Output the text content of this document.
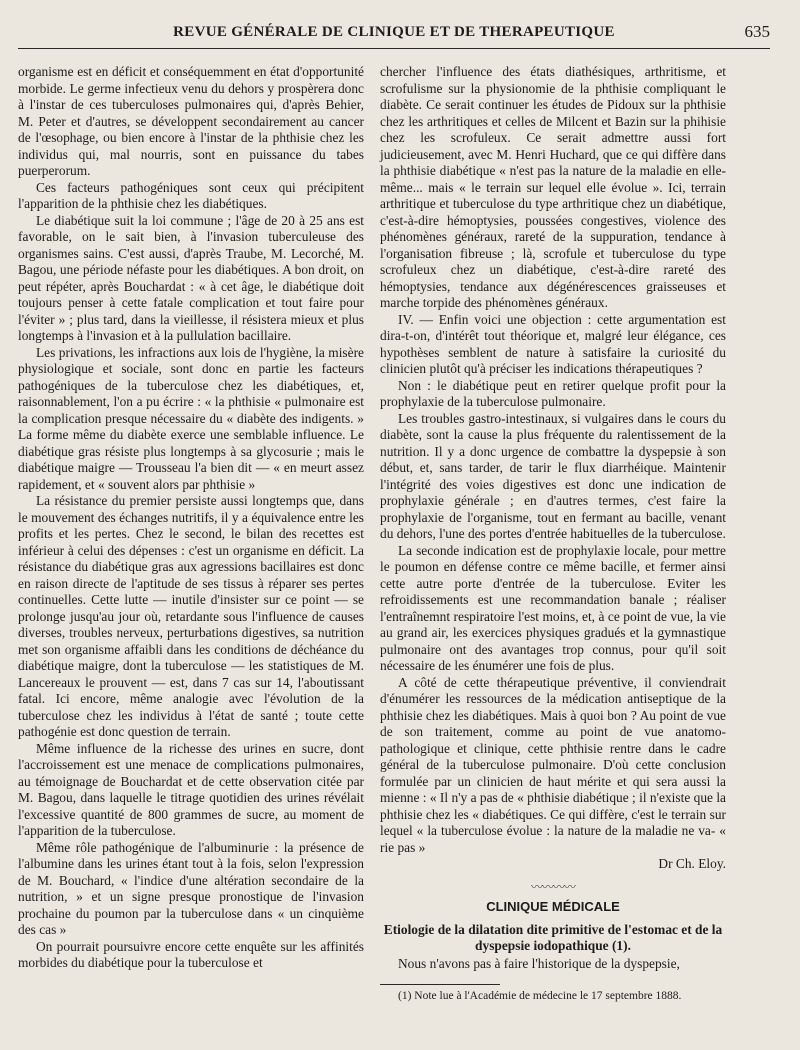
REVUE GÉNÉRALE DE CLINIQUE ET DE THERAPEUTIQUE	635

organisme est en déficit et conséquemment en état d'opportunité morbide. Le germe infectieux venu du dehors y prospèrera donc à l'instar de ces tuberculoses pulmonaires qui, d'après Behier, M. Peter et d'autres, se développent secondairement au cancer de l'œsophage, ou bien encore à l'instar de la phthisie chez les individus qui, mal nourris, sont en puissance du tabes puerperorum.

Ces facteurs pathogéniques sont ceux qui précipitent l'apparition de la phthisie chez les diabétiques.

Le diabétique suit la loi commune ; l'âge de 20 à 25 ans est favorable, on le sait bien, à l'invasion tuberculeuse des organismes sains. C'est aussi, d'après Traube, M. Lecorché, M. Bagou, une période néfaste pour les diabétiques. A bon droit, on peut répéter, après Bouchardat : « à cet âge, le diabétique doit toujours penser à cette fatale complication et tout faire pour l'éviter » ; plus tard, dans la vieillesse, il résistera mieux et plus longtemps à l'invasion et à la pullulation bacillaire.

Les privations, les infractions aux lois de l'hygiène, la misère physiologique et sociale, sont donc en partie les facteurs pathogéniques de la tuberculose chez les diabétiques, et, raisonnablement, l'on a pu écrire : « la phthisie « pulmonaire est la complication presque nécessaire du « diabète des indigents. » La forme même du diabète exerce une semblable influence. Le diabétique gras résiste plus longtemps à sa glycosurie ; mais le diabétique maigre — Trousseau l'a bien dit — « en meurt assez rapidement, et « souvent alors par phthisie »

La résistance du premier persiste aussi longtemps que, dans le mouvement des échanges nutritifs, il y a équivalence entre les profits et les pertes. Chez le second, le bilan des recettes est inférieur à celui des dépenses : c'est un organisme en déficit. La résistance du diabétique gras aux agressions bacillaires est donc en raison directe de l'aptitude de ses tissus à réparer ses pertes continuelles. Cette lutte — inutile d'insister sur ce point — se prolonge jusqu'au jour où, retardante sous l'influence de causes diverses, troubles nerveux, perturbations digestives, sa nutrition met son organisme affaibli dans les conditions de déchéance du diabétique maigre, dont la tuberculose — les statistiques de M. Lancereaux le prouvent — est, dans 7 cas sur 14, l'aboutissant fatal. Ici encore, même analogie avec l'évolution de la tuberculose chez les individus à l'état de santé ; toute cette pathogénie est donc question de terrain.

Même influence de la richesse des urines en sucre, dont l'accroissement est une menace de complications pulmonaires, au témoignage de Bouchardat et de cette observation citée par M. Bagou, dans laquelle le titrage quotidien des urines révélait l'excessive quantité de 800 grammes de sucre, au moment de l'apparition de la tuberculose.

Même rôle pathogénique de l'albuminurie : la présence de l'albumine dans les urines étant tout à la fois, selon l'expression de M. Bouchard, « l'indice d'une altération secondaire de la nutrition, » et un signe presque pronostique de l'invasion prochaine du poumon par la tuberculose dans « un cinquième des cas »

On pourrait poursuivre encore cette enquête sur les affinités morbides du diabétique pour la tuberculose et

chercher l'influence des états diathésiques, arthritisme, et scrofulisme sur la physionomie de la phthisie compliquant le diabète. Ce serait continuer les études de Pidoux sur la phthisie chez les arthritiques et celles de Milcent et Bazin sur la phihisie chez les scrofuleux. Ce serait admettre aussi fort judicieusement, avec M. Henri Huchard, que ce qui diffère dans la phthisie diabétique « n'est pas la nature de la maladie en elle-même... mais « le terrain sur lequel elle évolue ». Ici, terrain arthritique et tuberculose du type arthritique chez un diabétique, c'est-à-dire hémoptysies, poussées congestives, violence des phénomènes généraux, rareté de la suppuration, tendance à l'organisation fibreuse ; là, scrofule et tuberculose du type scrofuleux chez un diabétique, c'est-à-dire rareté des hémoptysies, tendance aux dégénérescences graisseuses et marche torpide des phénomènes généraux.

IV. — Enfin voici une objection : cette argumentation est dira-t-on, d'intérêt tout théorique et, malgré leur élégance, ces hypothèses semblent de nature à satisfaire la curiosité du clinicien plutôt qu'à préciser les indications thérapeutiques ?

Non : le diabétique peut en retirer quelque profit pour la prophylaxie de la tuberculose pulmonaire.

Les troubles gastro-intestinaux, si vulgaires dans le cours du diabète, sont la cause la plus fréquente du ralentissement de la nutrition. Il y a donc urgence de combattre la dyspepsie à son début, et, sans tarder, de tarir le flux diarrhéique. Maintenir l'intégrité des voies digestives est donc une indication de prophylaxie générale ; en d'autres termes, c'est faire la prophylaxie de l'organisme, tout en fermant au bacille, venant du dehors, l'une des portes d'entrée habituelles de la tuberculose.

La seconde indication est de prophylaxie locale, pour mettre le poumon en défense contre ce même bacille, et fermer ainsi cette autre porte d'entrée de la tuberculose. Eviter les refroidissements est une recommandation banale ; réaliser l'entraînemnt respiratoire l'est moins, et, à ce point de vue, la vie au grand air, les exercices physiques gradués et la gymnastique pulmonaire ont des avantages trop connus, pour qu'il soit nécessaire de les énumérer une fois de plus.

A côté de cette thérapeutique préventive, il conviendrait d'énumérer les ressources de la médication antiseptique de la phthisie chez les diabétiques. Mais à quoi bon ? Au point de vue de son traitement, comme au point de vue anatomo-pathologique et clinique, cette phthisie rentre dans le cadre général de la tuberculose pulmonaire. D'où cette conclusion formulée par un clinicien de haut mérite et qui sera aussi la mienne : « Il n'y a pas de « phthisie diabétique ; il n'existe que la phthisie chez les « diabétiques. Ce qui diffère, c'est le terrain sur lequel « la tuberculose évolue : la nature de la maladie ne va- « rie pas »

Dr Ch. Eloy.

〰〰〰〰
CLINIQUE MÉDICALE
Etiologie de la dilatation dite primitive de l'estomac et de la dyspepsie iodopathique (1).

Nous n'avons pas à faire l'historique de la dyspepsie,

(1) Note lue à l'Académie de médecine le 17 septembre 1888.
